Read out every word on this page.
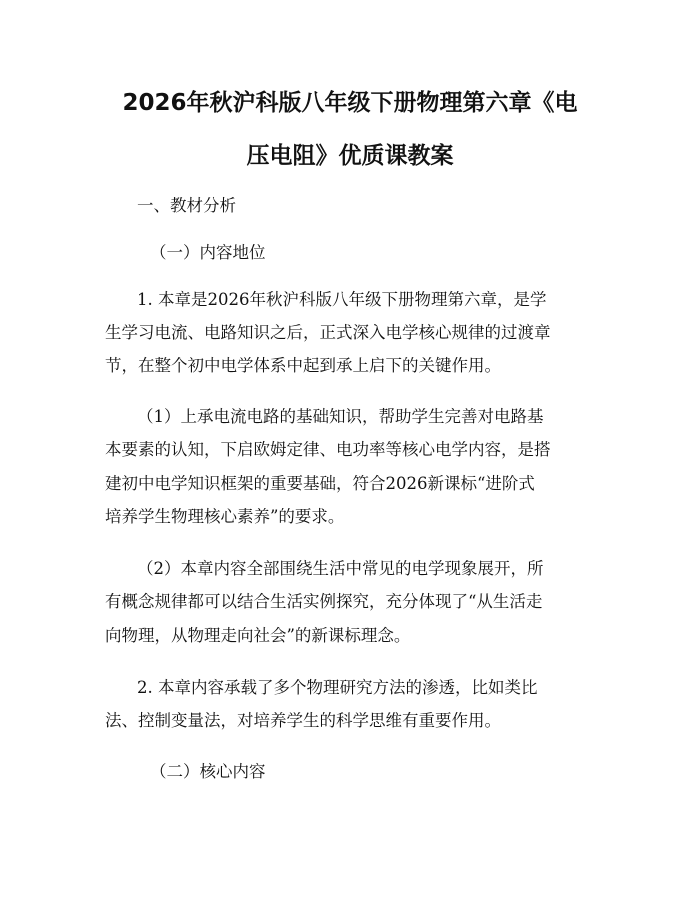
2026年秋沪科版八年级下册物理第六章《电
压电阻》优质课教案

一、教材分析

（一）内容地位

1. 本章是2026年秋沪科版八年级下册物理第六章，是学

生学习电流、电路知识之后，正式深入电学核心规律的过渡章

节，在整个初中电学体系中起到承上启下的关键作用。

（1）上承电流电路的基础知识，帮助学生完善对电路基

本要素的认知，下启欧姆定律、电功率等核心电学内容，是搭

建初中电学知识框架的重要基础，符合2026新课标“进阶式

培养学生物理核心素养”的要求。

（2）本章内容全部围绕生活中常见的电学现象展开，所

有概念规律都可以结合生活实例探究，充分体现了“从生活走

向物理，从物理走向社会”的新课标理念。

2. 本章内容承载了多个物理研究方法的渗透，比如类比

法、控制变量法，对培养学生的科学思维有重要作用。

（二）核心内容
